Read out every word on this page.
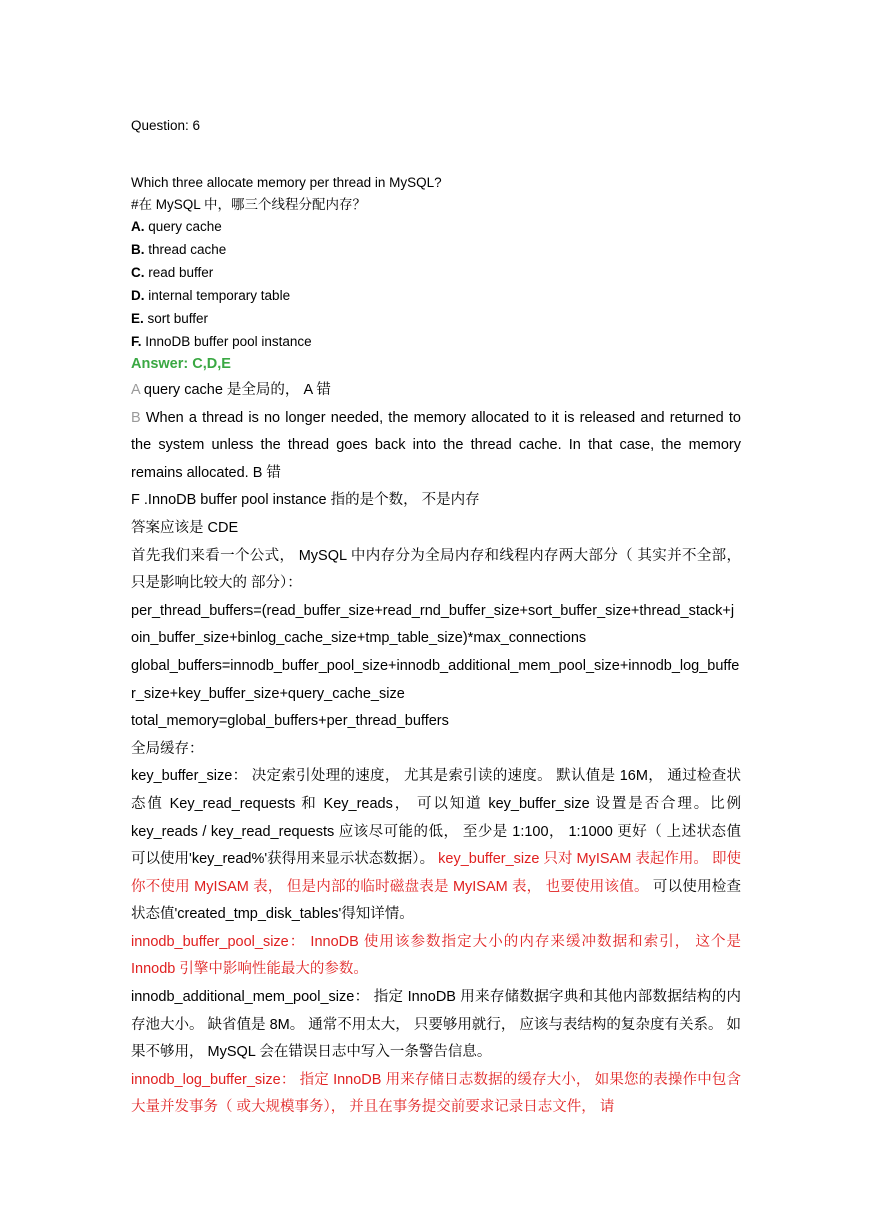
Question: 6

Which three allocate memory per thread in MySQL?

#在 MySQL 中，哪三个线程分配内存？

A. query cache

B. thread cache

C. read buffer

D. internal temporary table

E. sort buffer

F. InnoDB buffer pool instance

Answer: C,D,E

A query cache 是全局的， A 错

B When a thread is no longer needed, the memory allocated to it is released and returned to the system unless the thread goes back into the thread cache. In that case, the memory remains allocated. B 错

F .InnoDB buffer pool instance 指的是个数， 不是内存

答案应该是 CDE

首先我们来看一个公式， MySQL 中内存分为全局内存和线程内存两大部分（ 其实并不全部， 只是影响比较大的 部分）：

per_thread_buffers=(read_buffer_size+read_rnd_buffer_size+sort_buffer_size+thread_stack+join_buffer_size+binlog_cache_size+tmp_table_size)*max_connections

global_buffers=innodb_buffer_pool_size+innodb_additional_mem_pool_size+innodb_log_buffer_size+key_buffer_size+query_cache_size

total_memory=global_buffers+per_thread_buffers

全局缓存：

key_buffer_size： 决定索引处理的速度， 尤其是索引读的速度。 默认值是 16M， 通过检查状态值 Key_read_requests 和 Key_reads， 可以知道 key_buffer_size 设置是否合理。比例 key_reads / key_read_requests 应该尽可能的低， 至少是 1:100， 1:1000 更好（ 上述状态值可以使用'key_read%'获得用来显示状态数据）。 key_buffer_size 只对 MyISAM 表起作用。 即使你不使用 MyISAM 表， 但是内部的临时磁盘表是 MyISAM 表， 也要使用该值。 可以使用检查状态值'created_tmp_disk_tables'得知详情。

innodb_buffer_pool_size： InnoDB 使用该参数指定大小的内存来缓冲数据和索引， 这个是 Innodb 引擎中影响性能最大的参数。

innodb_additional_mem_pool_size： 指定 InnoDB 用来存储数据字典和其他内部数据结构的内存池大小。 缺省值是 8M。 通常不用太大， 只要够用就行， 应该与表结构的复杂度有关系。 如果不够用， MySQL 会在错误日志中写入一条警告信息。

innodb_log_buffer_size： 指定 InnoDB 用来存储日志数据的缓存大小， 如果您的表操作中包含大量并发事务（ 或大规模事务）， 并且在事务提交前要求记录日志文件， 请
